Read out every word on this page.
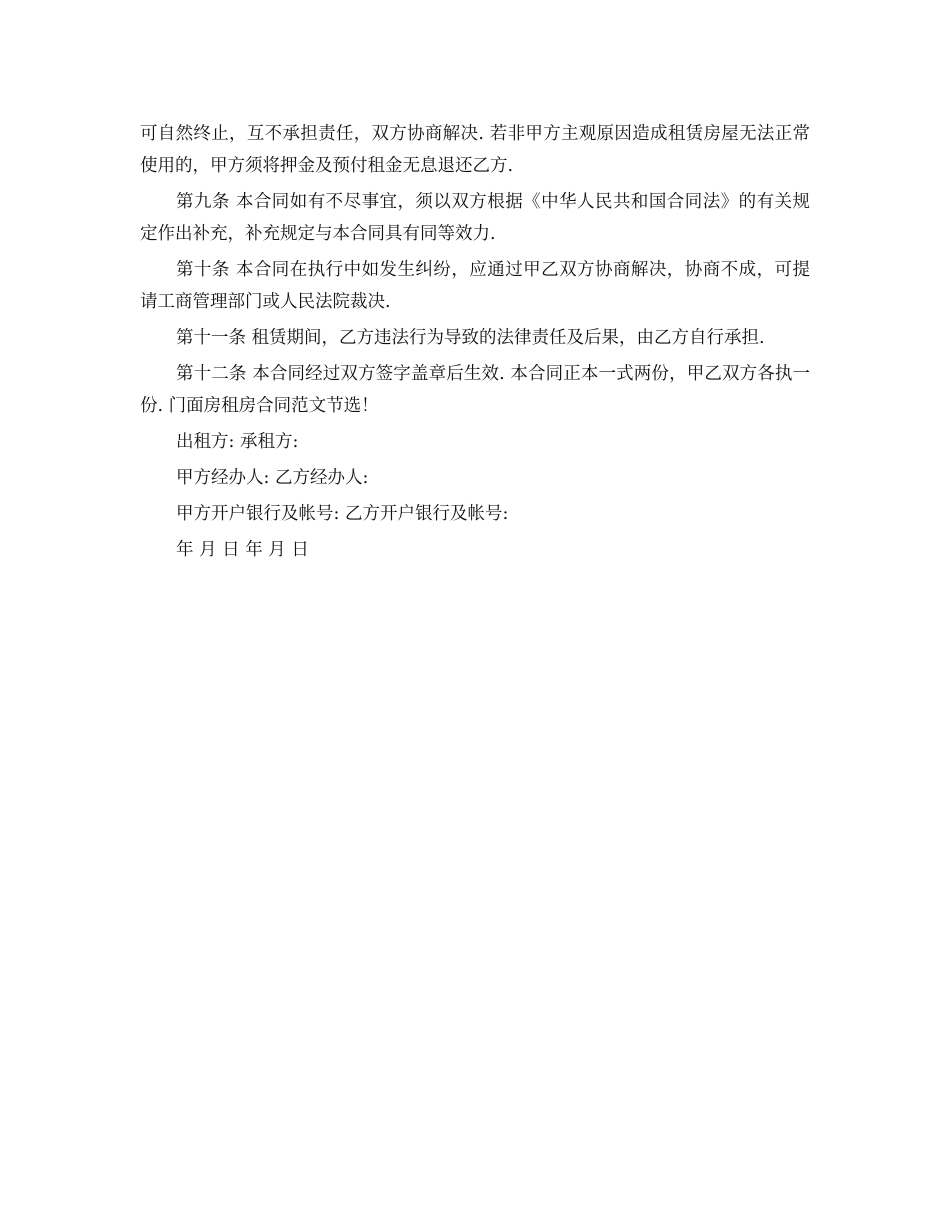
可自然终止，互不承担责任，双方协商解决. 若非甲方主观原因造成租赁房屋无法正常使用的，甲方须将押金及预付租金无息退还乙方.

第九条 本合同如有不尽事宜，须以双方根据《中华人民共和国合同法》的有关规定作出补充，补充规定与本合同具有同等效力.

第十条 本合同在执行中如发生纠纷，应通过甲乙双方协商解决，协商不成，可提请工商管理部门或人民法院裁决.

第十一条 租赁期间，乙方违法行为导致的法律责任及后果，由乙方自行承担.

第十二条 本合同经过双方签字盖章后生效. 本合同正本一式两份，甲乙双方各执一份. 门面房租房合同范文节选！

出租方: 承租方:

甲方经办人: 乙方经办人:

甲方开户银行及帐号: 乙方开户银行及帐号:

年 月 日 年 月 日
